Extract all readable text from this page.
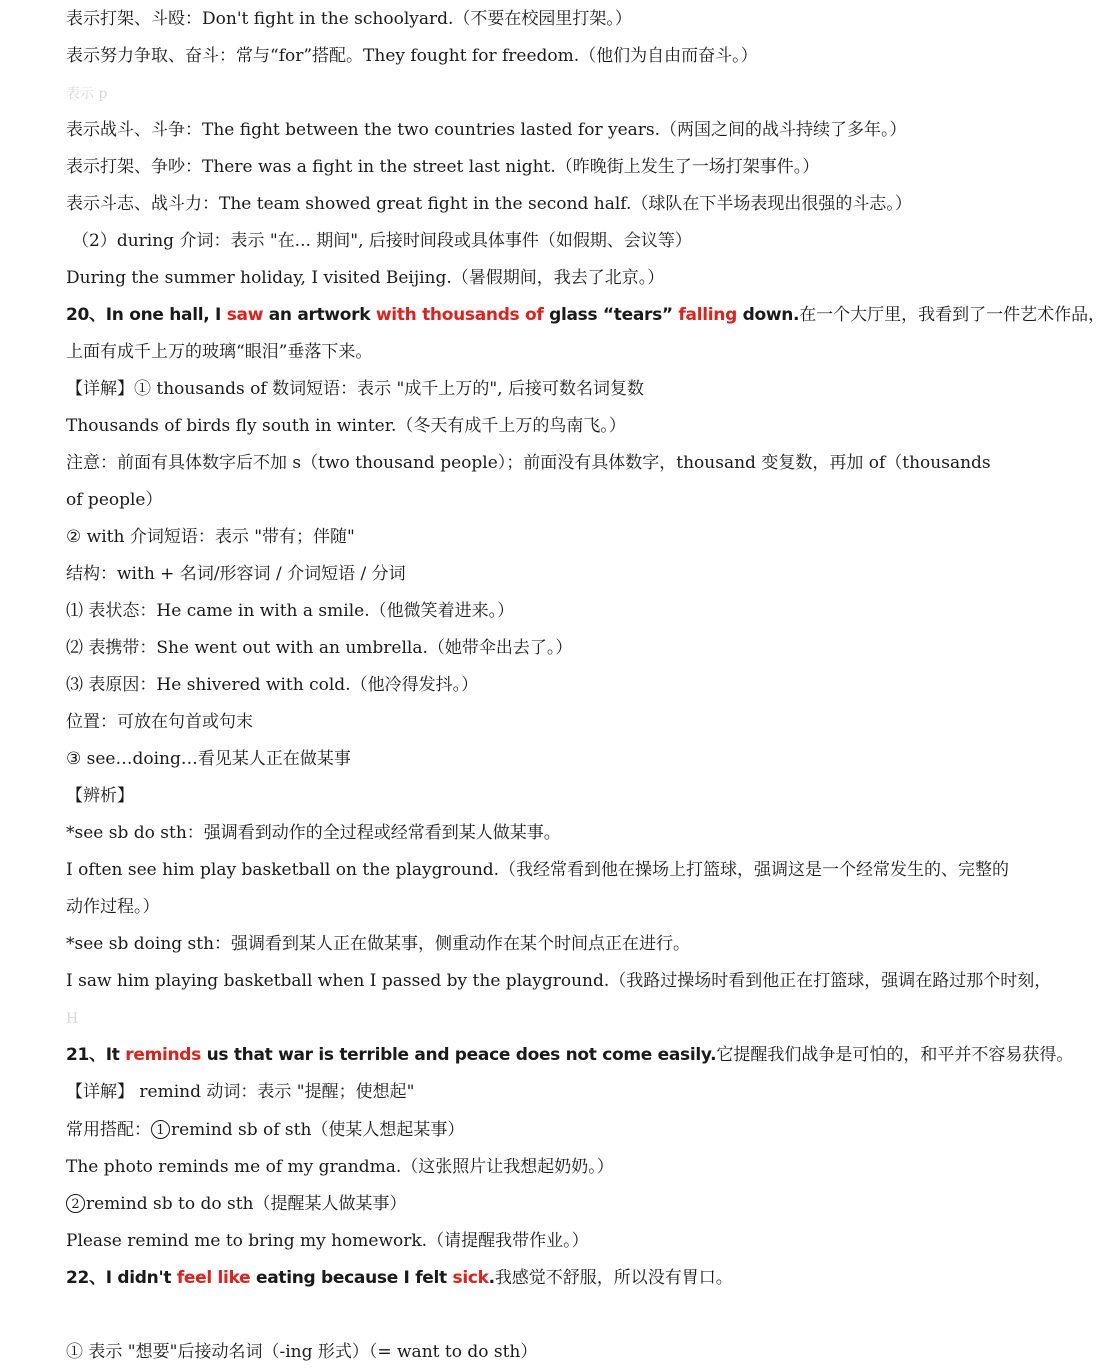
表示打架、斗殴：Don't fight in the schoolyard.（不要在校园里打架。）
表示努力争取、奋斗：常与“for”搭配。They fought for freedom.（他们为自由而奋斗。）
表示 p
表示战斗、斗争：The fight between the two countries lasted for years.（两国之间的战斗持续了多年。）
表示打架、争吵：There was a fight in the street last night.（昨晚街上发生了一场打架事件。）
表示斗志、战斗力：The team showed great fight in the second half.（球队在下半场表现出很强的斗志。）
（2）during 介词：表示 "在... 期间", 后接时间段或具体事件（如假期、会议等）
During the summer holiday, I visited Beijing.（暑假期间，我去了北京。）
20、In one hall, I saw an artwork with thousands of glass “tears” falling down.在一个大厅里，我看到了一件艺术作品，
上面有成千上万的玻璃“眼泪”垂落下来。
【详解】① thousands of 数词短语：表示 "成千上万的", 后接可数名词复数
Thousands of birds fly south in winter.（冬天有成千上万的鸟南飞。）
注意：前面有具体数字后不加 s（two thousand people）；前面没有具体数字，thousand 变复数，再加 of（thousands
of people）
② with 介词短语：表示 "带有；伴随"
结构：with + 名词/形容词 / 介词短语 / 分词
⑴ 表状态：He came in with a smile.（他微笑着进来。）
⑵ 表携带：She went out with an umbrella.（她带伞出去了。）
⑶ 表原因：He shivered with cold.（他冷得发抖。）
位置：可放在句首或句末
③ see…doing…看见某人正在做某事
【辨析】
*see sb do sth：强调看到动作的全过程或经常看到某人做某事。
I often see him play basketball on the playground.（我经常看到他在操场上打篮球，强调这是一个经常发生的、完整的
动作过程。）
*see sb doing sth：强调看到某人正在做某事，侧重动作在某个时间点正在进行。
I saw him playing basketball when I passed by the playground.（我路过操场时看到他正在打篮球，强调在路过那个时刻，
H
21、It reminds us that war is terrible and peace does not come easily.它提醒我们战争是可怕的，和平并不容易获得。
【详解】 remind 动词：表示 "提醒；使想起"
常用搭配： 1 remind sb of sth（使某人想起某事）
The photo reminds me of my grandma.（这张照片让我想起奶奶。）
2 remind sb to do sth（提醒某人做某事）
Please remind me to bring my homework.（请提醒我带作业。）
22、I didn't feel like eating because I felt sick.我感觉不舒服，所以没有胃口。
① 表示 "想要"后接动名词（-ing 形式）（= want to do sth）
